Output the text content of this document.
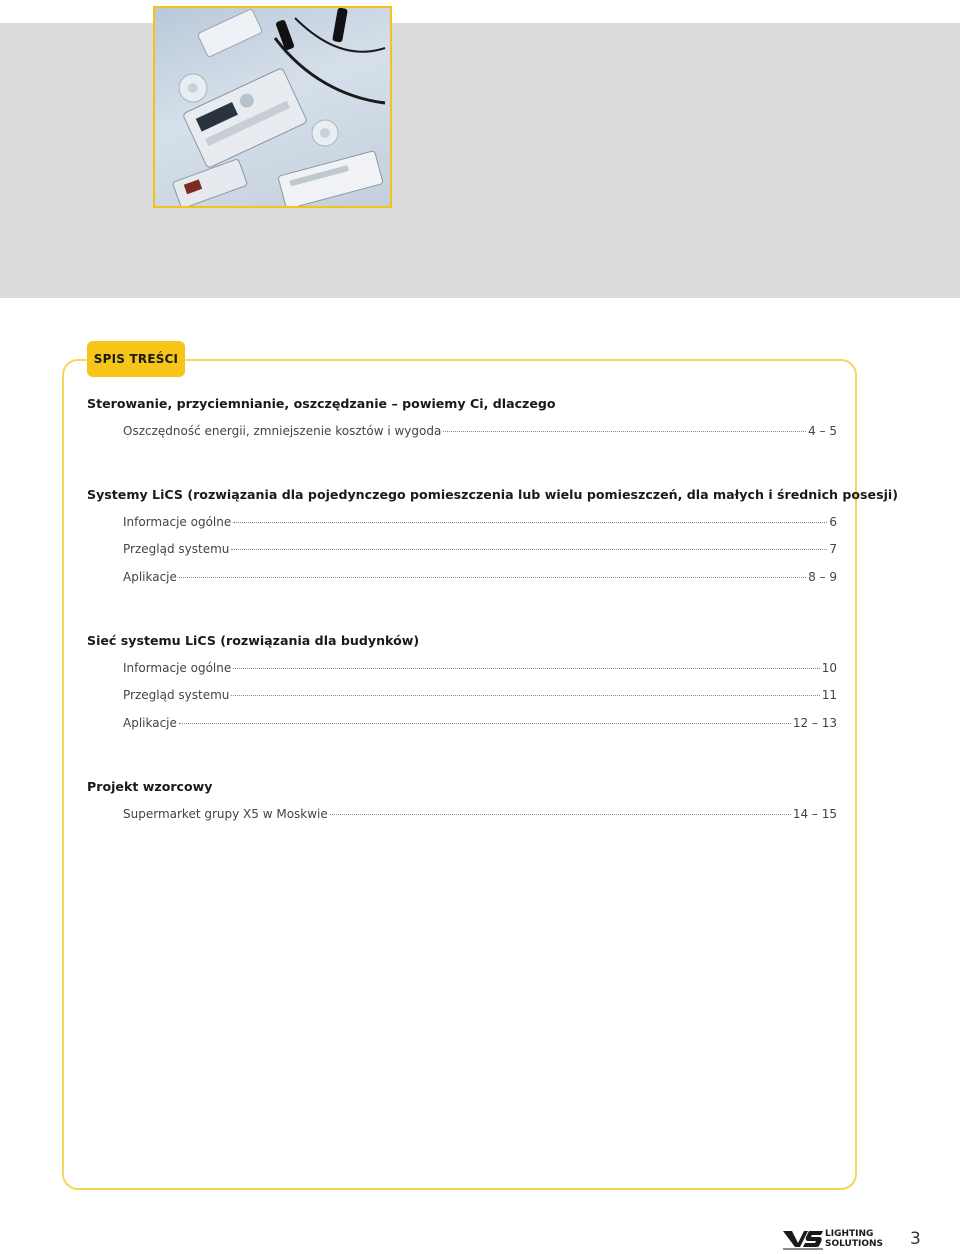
SPIS TREŚCI
Sterowanie, przyciemnianie, oszczędzanie – powiemy Ci, dlaczego
Oszczędność energii, zmniejszenie kosztów i wygoda	4 – 5
Systemy LiCS (rozwiązania dla pojedynczego pomieszczenia lub wielu pomieszczeń, dla małych i średnich posesji)
Informacje ogólne	6
Przegląd systemu	7
Aplikacje	8 – 9
Sieć systemu LiCS (rozwiązania dla budynków)
Informacje ogólne	10
Przegląd systemu	11
Aplikacje	12 – 13
Projekt wzorcowy
Supermarket grupy X5 w Moskwie	14 – 15
LIGHTING
SOLUTIONS 3
